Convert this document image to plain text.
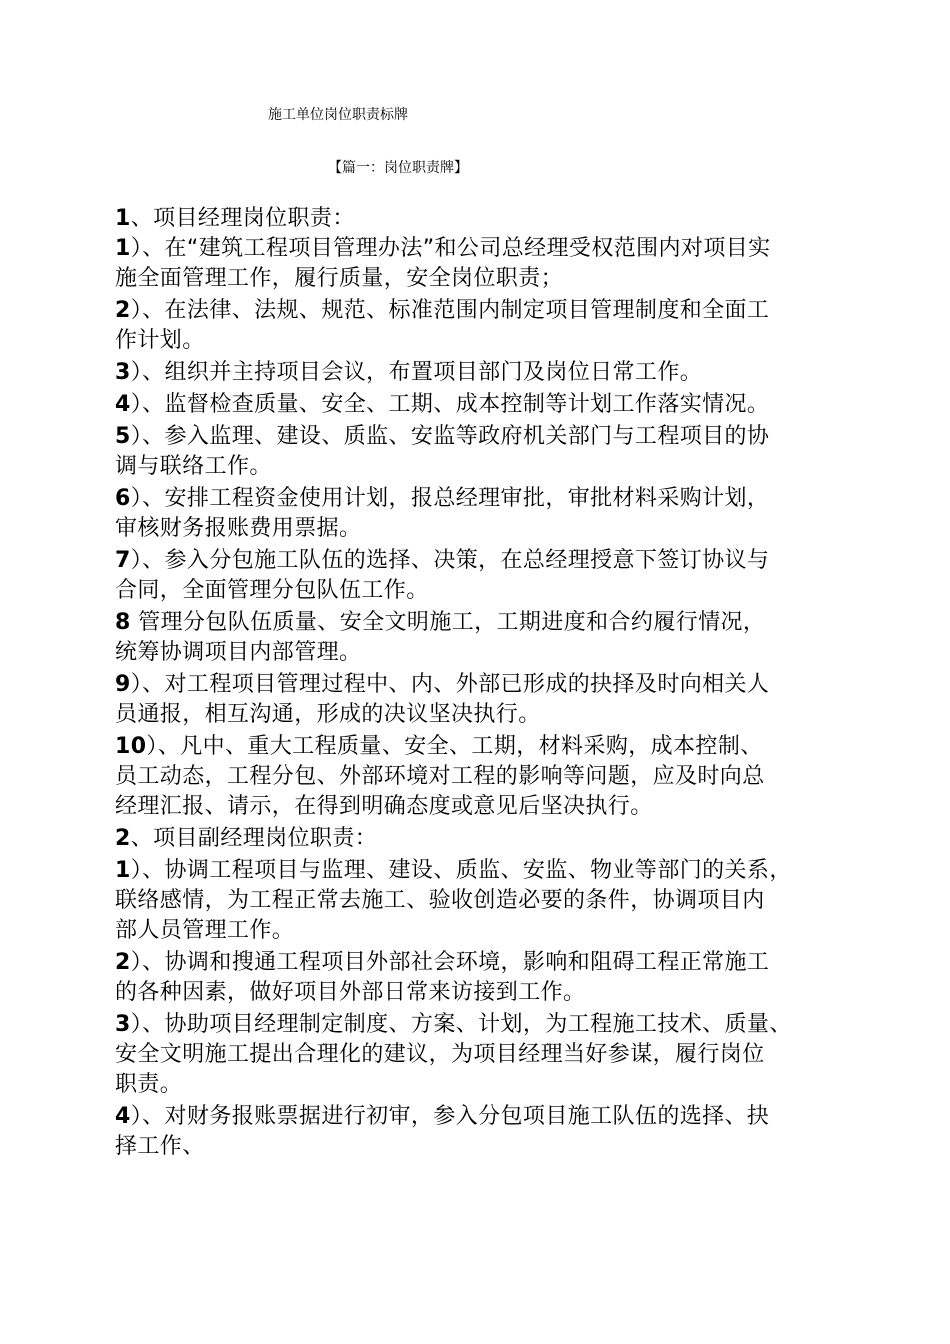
施工单位岗位职责标牌
【篇一：岗位职责牌】
1、项目经理岗位职责：
1）、在“建筑工程项目管理办法”和公司总经理受权范围内对项目实
施全面管理工作，履行质量，安全岗位职责；
2）、在法律、法规、规范、标准范围内制定项目管理制度和全面工
作计划。
3）、组织并主持项目会议，布置项目部门及岗位日常工作。
4）、监督检查质量、安全、工期、成本控制等计划工作落实情况。
5）、参入监理、建设、质监、安监等政府机关部门与工程项目的协
调与联络工作。
6）、安排工程资金使用计划，报总经理审批，审批材料采购计划，
审核财务报账费用票据。
7）、参入分包施工队伍的选择、决策，在总经理授意下签订协议与
合同，全面管理分包队伍工作。
8 管理分包队伍质量、安全文明施工，工期进度和合约履行情况，
统筹协调项目内部管理。
9）、对工程项目管理过程中、内、外部已形成的抉择及时向相关人
员通报，相互沟通，形成的决议坚决执行。
10）、凡中、重大工程质量、安全、工期，材料采购，成本控制、
员工动态，工程分包、外部环境对工程的影响等问题，应及时向总
经理汇报、请示，在得到明确态度或意见后坚决执行。
2、项目副经理岗位职责：
1）、协调工程项目与监理、建设、质监、安监、物业等部门的关系，
联络感情，为工程正常去施工、验收创造必要的条件，协调项目内
部人员管理工作。
2）、协调和搜通工程项目外部社会环境，影响和阻碍工程正常施工
的各种因素，做好项目外部日常来访接到工作。
3）、协助项目经理制定制度、方案、计划，为工程施工技术、质量、
安全文明施工提出合理化的建议，为项目经理当好参谋，履行岗位
职责。
4）、对财务报账票据进行初审，参入分包项目施工队伍的选择、抉
择工作、
